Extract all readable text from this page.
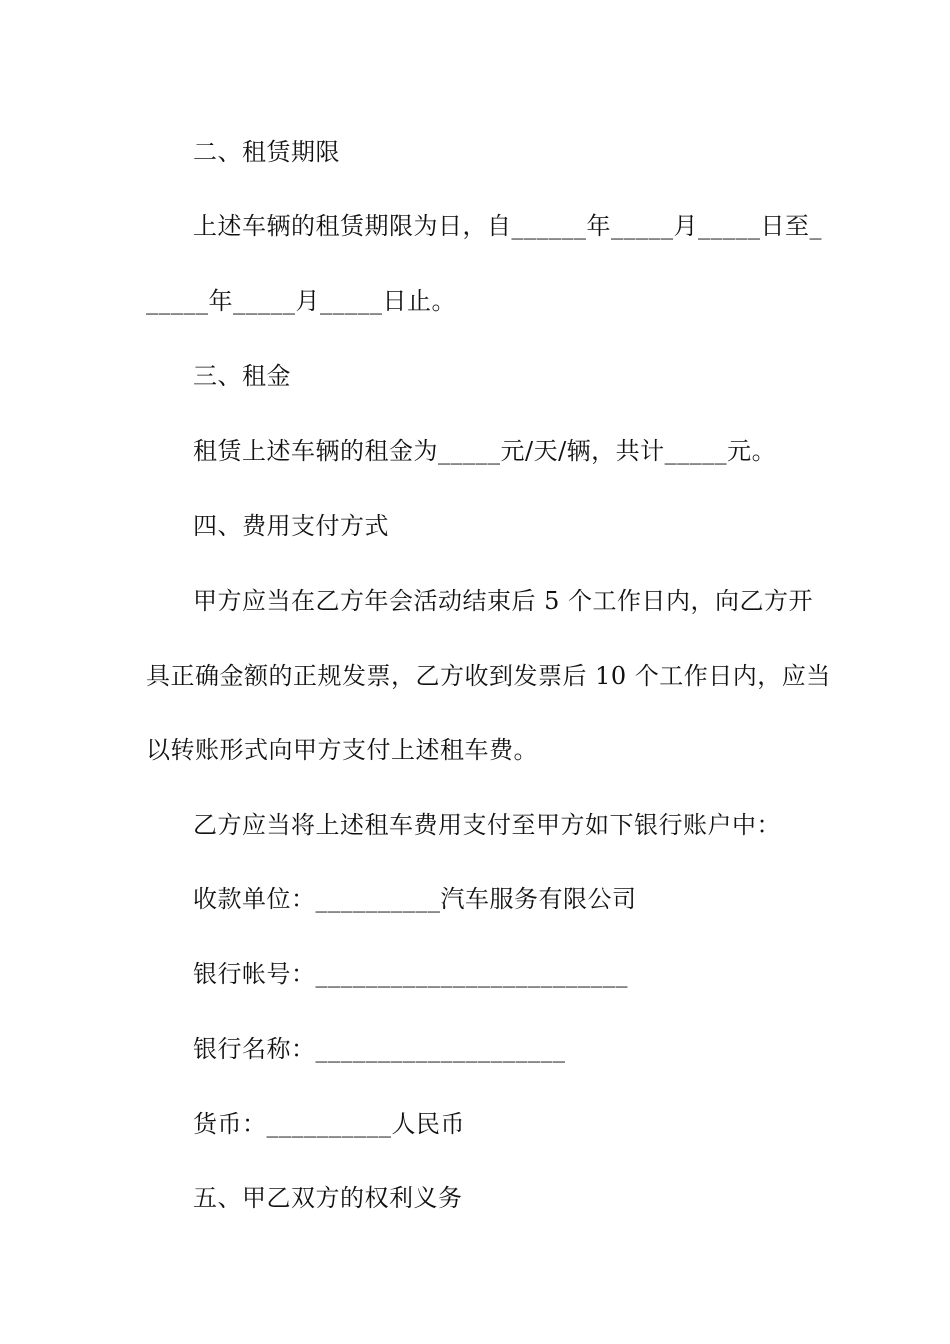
二、租赁期限
上述车辆的租赁期限为日，自______年_____月_____日至_
_____年_____月_____日止。
三、租金
租赁上述车辆的租金为_____元/天/辆，共计_____元。
四、费用支付方式
甲方应当在乙方年会活动结束后 5 个工作日内，向乙方开
具正确金额的正规发票，乙方收到发票后 10 个工作日内，应当
以转账形式向甲方支付上述租车费。
乙方应当将上述租车费用支付至甲方如下银行账户中：
收款单位：__________汽车服务有限公司
银行帐号：_________________________
银行名称：____________________
货币：__________人民币
五、甲乙双方的权利义务
